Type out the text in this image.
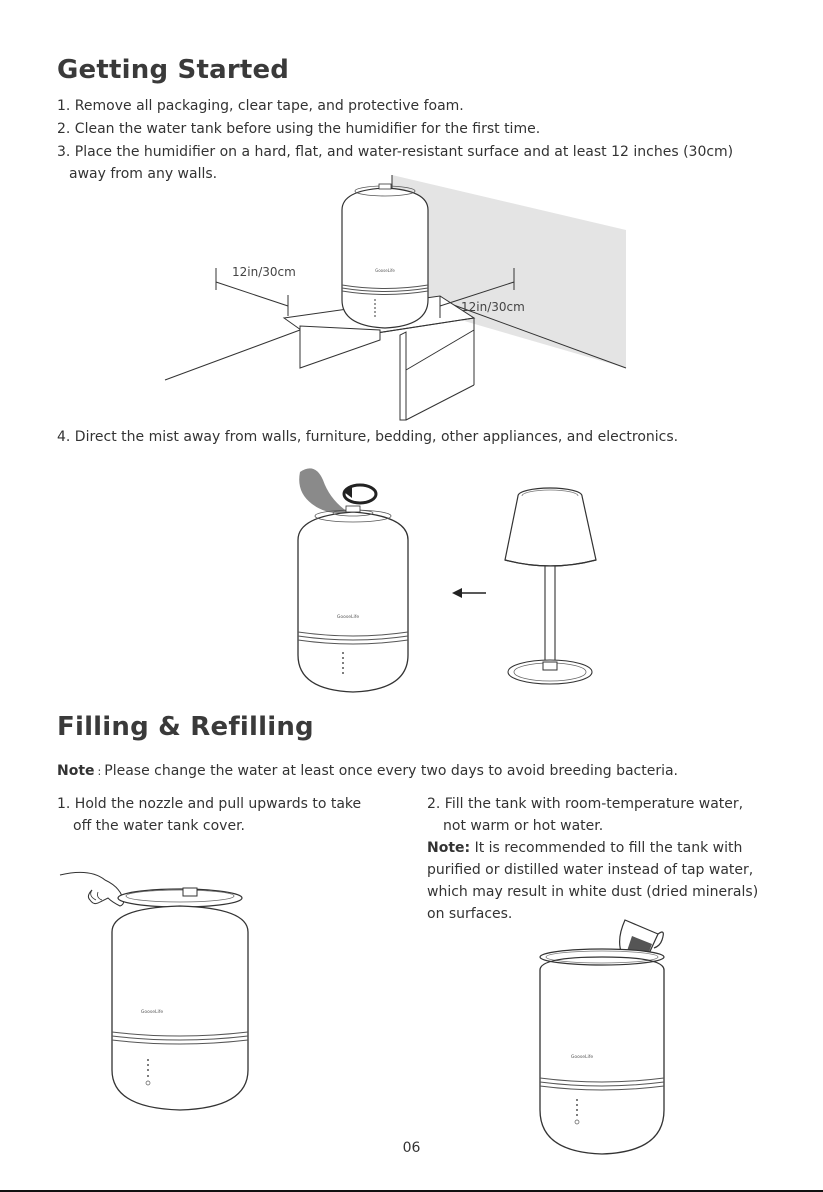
Getting Started
1. Remove all packaging, clear tape, and protective foam.
2. Clean the water tank before using the humidifier for the first time.
3. Place the humidifier on a hard, flat, and water-resistant surface and at least 12 inches (30cm)
away from any walls.
GooseLife
12in/30cm
12in/30cm
4. Direct the mist away from walls, furniture, bedding, other appliances, and electronics.
GooseLife
Filling & Refilling
Note : Please change the water at least once every two days to avoid breeding bacteria.
1. Hold the nozzle and pull upwards to take
off the water tank cover.
2. Fill the tank with room-temperature water,
not warm or hot water.
Note: It is recommended to fill the tank with
purified or distilled water instead of tap water,
which may result in white dust (dried minerals)
on surfaces.
GooseLife
GooseLife
06
